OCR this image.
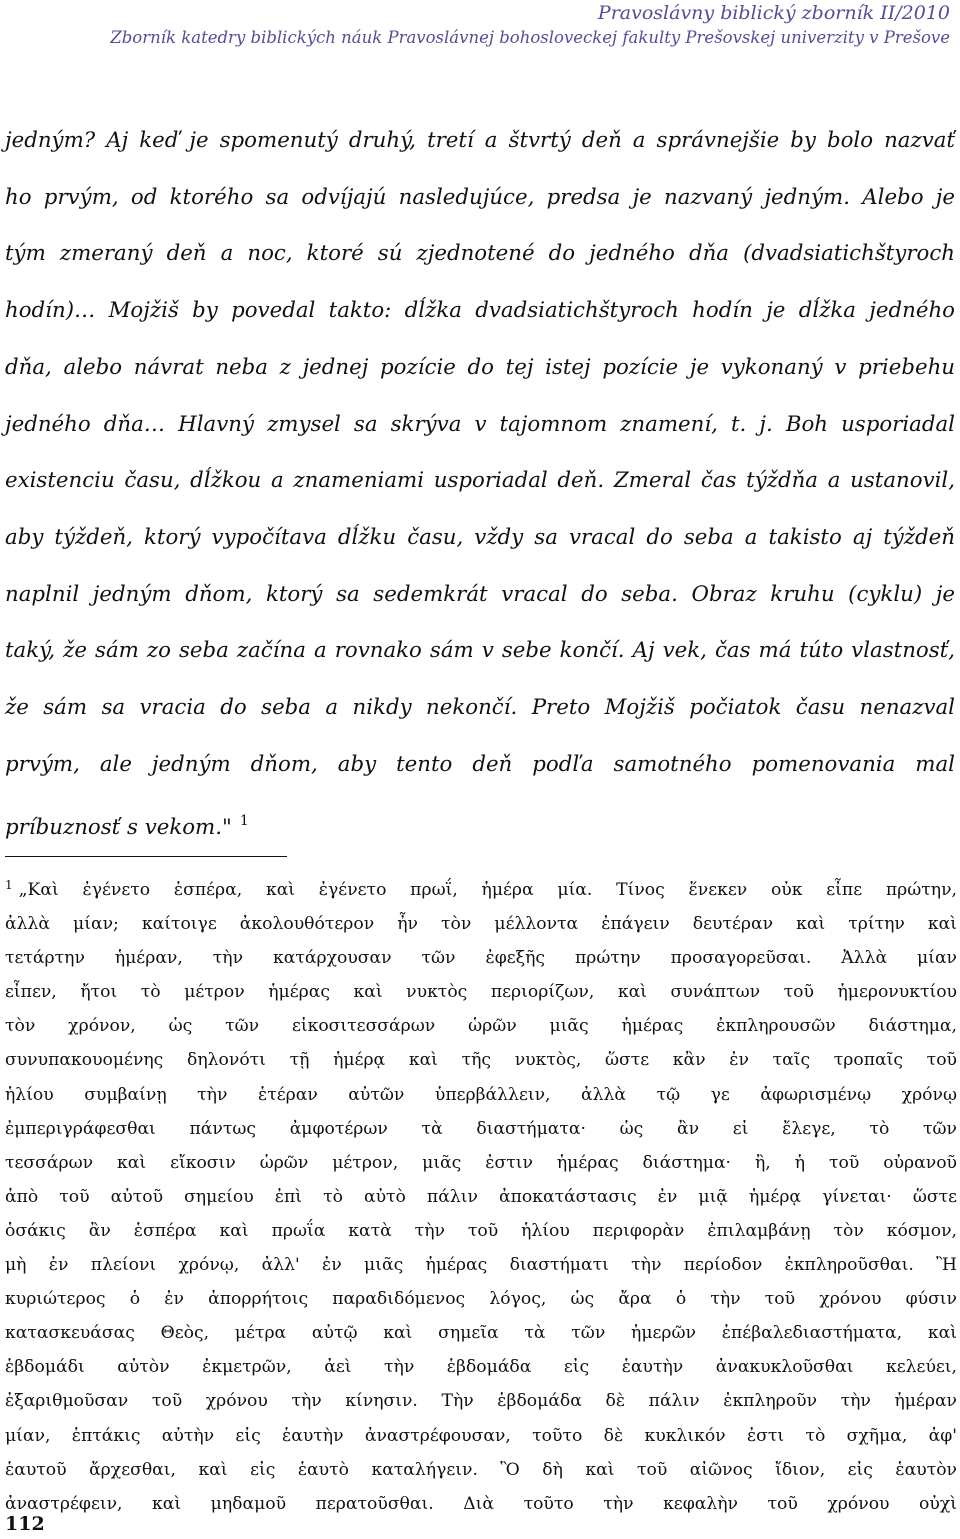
Pravoslávny biblický zborník II/2010
Zborník katedry biblických náuk Pravoslávnej bohosloveckej fakulty Prešovskej univerzity v Prešove
jedným? Aj keď je spomenutý druhý, tretí a štvrtý deň a správnejšie by bolo nazvať
ho prvým, od ktorého sa odvíjajú nasledujúce, predsa je nazvaný jedným. Alebo je
tým zmeraný deň a noc, ktoré sú zjednotené do jedného dňa (dvadsiatichštyroch
hodín)… Mojžiš by povedal takto: dĺžka dvadsiatichštyroch hodín je dĺžka jedného
dňa, alebo návrat neba z jednej pozície do tej istej pozície je vykonaný v priebehu
jedného dňa… Hlavný zmysel sa skrýva v tajomnom znamení, t. j. Boh usporiadal
existenciu času, dĺžkou a znameniami usporiadal deň. Zmeral čas týždňa a ustanovil,
aby týždeň, ktorý vypočítava dĺžku času, vždy sa vracal do seba a takisto aj týždeň
naplnil jedným dňom, ktorý sa sedemkrát vracal do seba. Obraz kruhu (cyklu) je
taký, že sám zo seba začína a rovnako sám v sebe končí. Aj vek, čas má túto vlastnosť,
že sám sa vracia do seba a nikdy nekončí. Preto Mojžiš počiatok času nenazval
prvým, ale jedným dňom, aby tento deň podľa samotného pomenovania mal
príbuznosť s vekom." $^1$
$^1$ „Καὶ ἐγένετο ἑσπέρα, καὶ ἐγένετο πρωΐ, ἡμέρα μία. Τίνος ἕνεκεν οὐκ εἶπε πρώτην,
ἀλλὰ μίαν; καίτοιγε ἀκολουθότερον ἦν τὸν μέλλοντα ἐπάγειν δευτέραν καὶ τρίτην καὶ
τετάρτην ἡμέραν, τὴν κατάρχουσαν τῶν ἐφεξῆς πρώτην προσαγορεῦσαι. Ἀλλὰ μίαν
εἶπεν, ἤτοι τὸ μέτρον ἡμέρας καὶ νυκτὸς περιορίζων, καὶ συνάπτων τοῦ ἡμερονυκτίου
τὸν χρόνον, ὡς τῶν εἰκοσιτεσσάρων ὡρῶν μιᾶς ἡμέρας ἐκπληρουσῶν διάστημα,
συνυπακουομένης δηλονότι τῇ ἡμέρᾳ καὶ τῆς νυκτὸς, ὥστε κἂν ἐν ταῖς τροπαῖς τοῦ
ἡλίου συμβαίνῃ τὴν ἑτέραν αὐτῶν ὑπερβάλλειν, ἀλλὰ τῷ γε ἀφωρισμένῳ χρόνῳ
ἐμπεριγράφεσθαι πάντως ἀμφοτέρων τὰ διαστήματα· ὡς ἂν εἰ ἔλεγε, τὸ τῶν
τεσσάρων καὶ εἴκοσιν ὡρῶν μέτρον, μιᾶς ἐστιν ἡμέρας διάστημα· ἢ, ἡ τοῦ οὐρανοῦ
ἀπὸ τοῦ αὐτοῦ σημείου ἐπὶ τὸ αὐτὸ πάλιν ἀποκατάστασις ἐν μιᾷ ἡμέρᾳ γίνεται· ὥστε
ὁσάκις ἂν ἑσπέρα καὶ πρωΐα κατὰ τὴν τοῦ ἡλίου περιφορὰν ἐπιλαμβάνῃ τὸν κόσμον,
μὴ ἐν πλείονι χρόνῳ, ἀλλ' ἐν μιᾶς ἡμέρας διαστήματι τὴν περίοδον ἐκπληροῦσθαι. Ἢ
κυριώτερος ὁ ἐν ἀπορρήτοις παραδιδόμενος λόγος, ὡς ἄρα ὁ τὴν τοῦ χρόνου φύσιν
κατασκευάσας Θεὸς, μέτρα αὐτῷ καὶ σημεῖα τὰ τῶν ἡμερῶν ἐπέβαλεδιαστήματα, καὶ
ἑβδομάδι αὐτὸν ἐκμετρῶν, ἀεὶ τὴν ἑβδομάδα εἰς ἑαυτὴν ἀνακυκλοῦσθαι κελεύει,
ἐξαριθμοῦσαν τοῦ χρόνου τὴν κίνησιν. Τὴν ἑβδομάδα δὲ πάλιν ἐκπληροῦν τὴν ἡμέραν
μίαν, ἑπτάκις αὐτὴν εἰς ἑαυτὴν ἀναστρέφουσαν, τοῦτο δὲ κυκλικόν ἐστι τὸ σχῆμα, ἀφ'
ἑαυτοῦ ἄρχεσθαι, καὶ εἰς ἑαυτὸ καταλήγειν. Ὃ δὴ καὶ τοῦ αἰῶνος ἴδιον, εἰς ἑαυτὸν
ἀναστρέφειν, καὶ μηδαμοῦ περατοῦσθαι. Διὰ τοῦτο τὴν κεφαλὴν τοῦ χρόνου οὐχὶ
112
